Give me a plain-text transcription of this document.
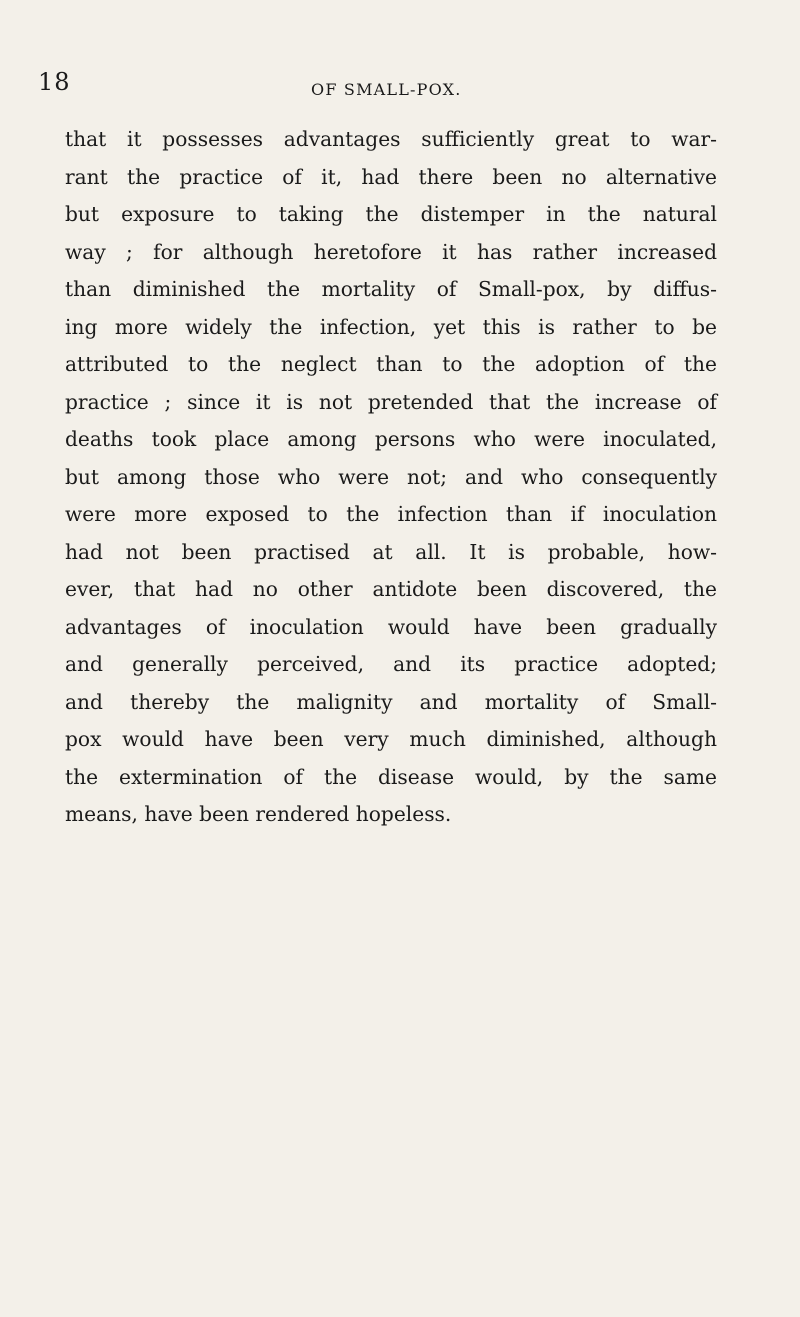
18	OF SMALL-POX.
that it possesses advantages sufficiently great to war-
rant the practice of it, had there been no alternative
but exposure to taking the distemper in the natural
way ; for although heretofore it has rather increased
than diminished the mortality of Small-pox, by diffus-
ing more widely the infection, yet this is rather to be
attributed to the neglect than to the adoption of the
practice ; since it is not pretended that the increase of
deaths took place among persons who were inoculated,
but among those who were not; and who consequently
were more exposed to the infection than if inoculation
had not been practised at all. It is probable, how-
ever, that had no other antidote been discovered, the
advantages of inoculation would have been gradually
and generally perceived, and its practice adopted;
and thereby the malignity and mortality of Small-
pox would have been very much diminished, although
the extermination of the disease would, by the same
means, have been rendered hopeless.
